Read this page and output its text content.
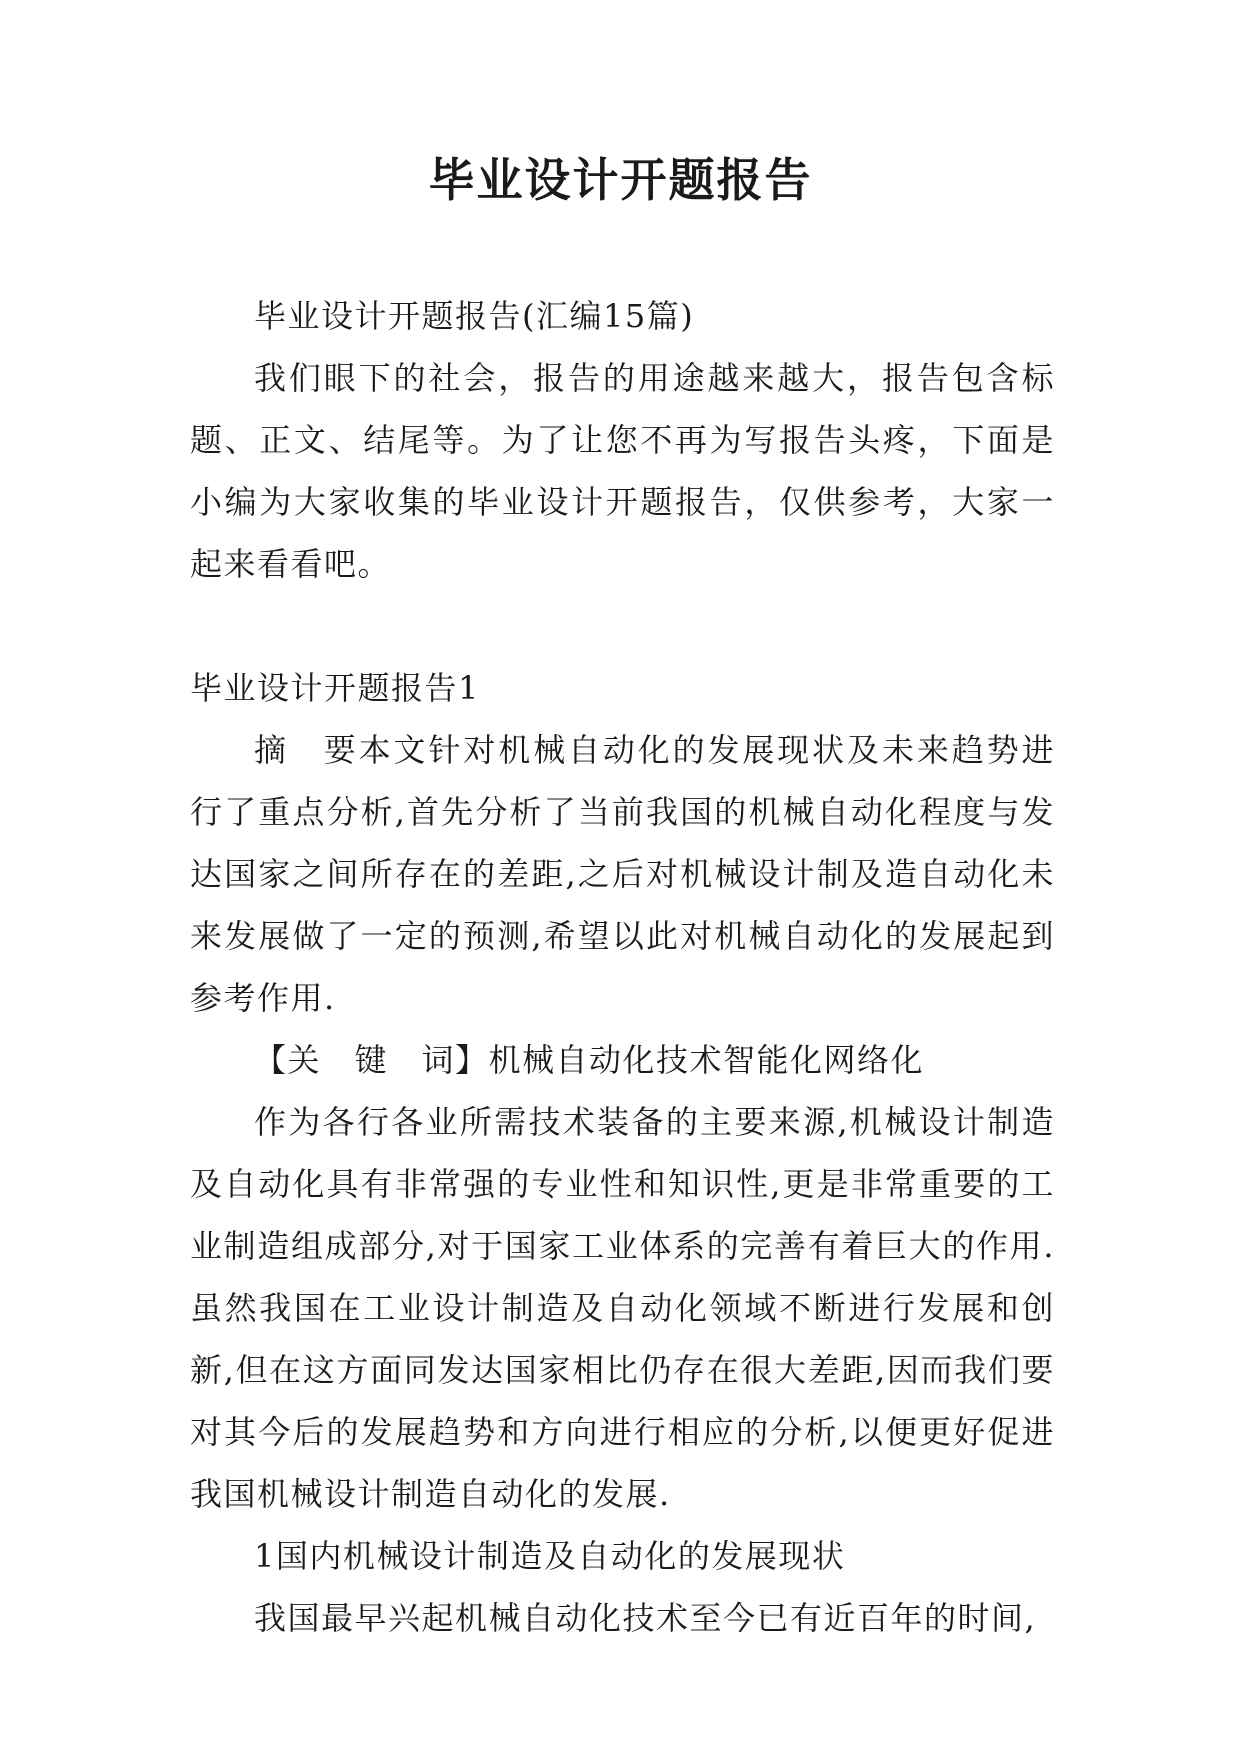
毕业设计开题报告

毕业设计开题报告(汇编15篇)

我们眼下的社会，报告的用途越来越大，报告包含标题、正文、结尾等。为了让您不再为写报告头疼，下面是小编为大家收集的毕业设计开题报告，仅供参考，大家一起来看看吧。

毕业设计开题报告1

摘　要本文针对机械自动化的发展现状及未来趋势进行了重点分析,首先分析了当前我国的机械自动化程度与发达国家之间所存在的差距,之后对机械设计制及造自动化未来发展做了一定的预测,希望以此对机械自动化的发展起到参考作用.

【关　键　词】机械自动化技术智能化网络化

作为各行各业所需技术装备的主要来源,机械设计制造及自动化具有非常强的专业性和知识性,更是非常重要的工业制造组成部分,对于国家工业体系的完善有着巨大的作用.虽然我国在工业设计制造及自动化领域不断进行发展和创新,但在这方面同发达国家相比仍存在很大差距,因而我们要对其今后的发展趋势和方向进行相应的分析,以便更好促进我国机械设计制造自动化的发展.

1国内机械设计制造及自动化的发展现状

我国最早兴起机械自动化技术至今已有近百年的时间,
